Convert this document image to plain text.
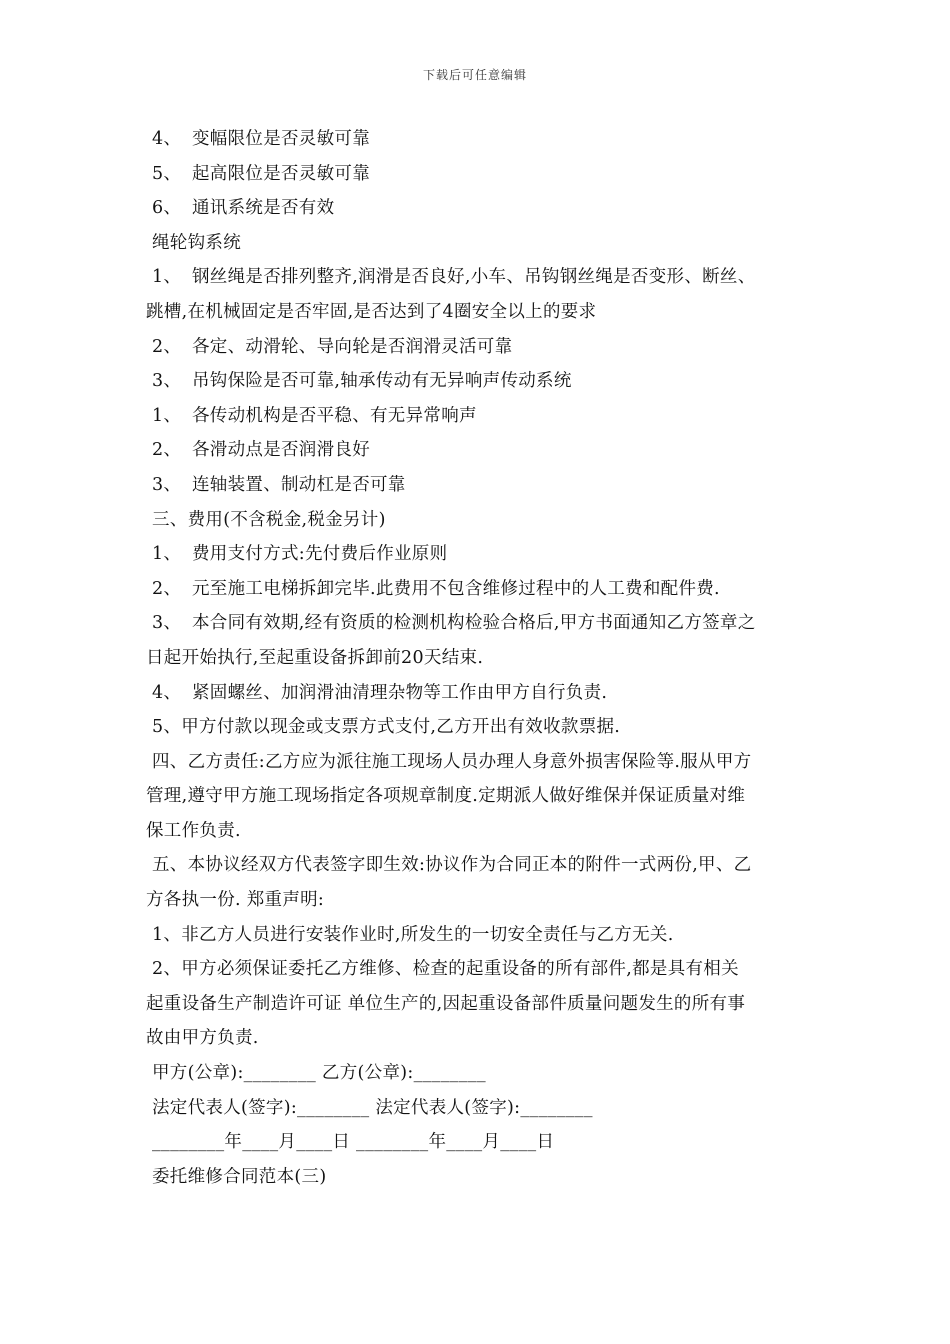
下载后可任意编辑
4、 变幅限位是否灵敏可靠
5、 起高限位是否灵敏可靠
6、 通讯系统是否有效
绳轮钩系统
1、 钢丝绳是否排列整齐,润滑是否良好,小车、吊钩钢丝绳是否变形、断丝、
跳槽,在机械固定是否牢固,是否达到了4圈安全以上的要求
2、 各定、动滑轮、导向轮是否润滑灵活可靠
3、 吊钩保险是否可靠,轴承传动有无异响声传动系统
1、 各传动机构是否平稳、有无异常响声
2、 各滑动点是否润滑良好
3、 连轴装置、制动杠是否可靠
三、费用(不含税金,税金另计)
1、 费用支付方式:先付费后作业原则
2、 元至施工电梯拆卸完毕.此费用不包含维修过程中的人工费和配件费.
3、 本合同有效期,经有资质的检测机构检验合格后,甲方书面通知乙方签章之
日起开始执行,至起重设备拆卸前20天结束.
4、 紧固螺丝、加润滑油清理杂物等工作由甲方自行负责.
5、甲方付款以现金或支票方式支付,乙方开出有效收款票据.
四、乙方责任:乙方应为派往施工现场人员办理人身意外损害保险等.服从甲方
管理,遵守甲方施工现场指定各项规章制度.定期派人做好维保并保证质量对维
保工作负责.
五、本协议经双方代表签字即生效:协议作为合同正本的附件一式两份,甲、乙
方各执一份. 郑重声明:
1、非乙方人员进行安装作业时,所发生的一切安全责任与乙方无关.
2、甲方必须保证委托乙方维修、检查的起重设备的所有部件,都是具有相关
起重设备生产制造许可证 单位生产的,因起重设备部件质量问题发生的所有事
故由甲方负责.
甲方(公章):________ 乙方(公章):________
法定代表人(签字):________ 法定代表人(签字):________
________年____月____日 ________年____月____日
委托维修合同范本(三)
